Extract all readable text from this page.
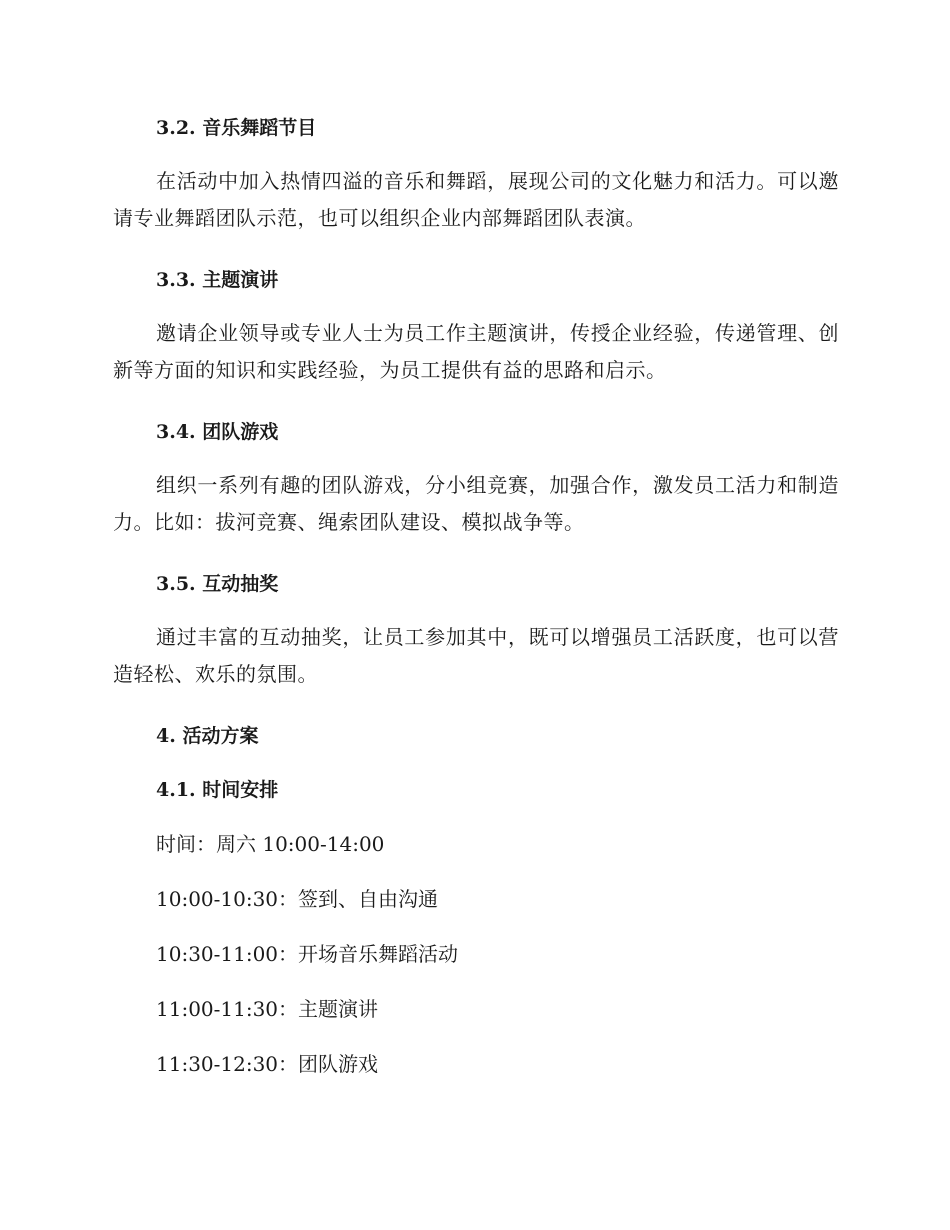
3.2. 音乐舞蹈节目
在活动中加入热情四溢的音乐和舞蹈，展现公司的文化魅力和活力。可以邀请专业舞蹈团队示范，也可以组织企业内部舞蹈团队表演。
3.3. 主题演讲
邀请企业领导或专业人士为员工作主题演讲，传授企业经验，传递管理、创新等方面的知识和实践经验，为员工提供有益的思路和启示。
3.4. 团队游戏
组织一系列有趣的团队游戏，分小组竞赛，加强合作，激发员工活力和制造力。比如：拔河竞赛、绳索团队建设、模拟战争等。
3.5. 互动抽奖
通过丰富的互动抽奖，让员工参加其中，既可以增强员工活跃度，也可以营造轻松、欢乐的氛围。
4. 活动方案
4.1. 时间安排
时间：周六 10:00-14:00
10:00-10:30：签到、自由沟通
10:30-11:00：开场音乐舞蹈活动
11:00-11:30：主题演讲
11:30-12:30：团队游戏
